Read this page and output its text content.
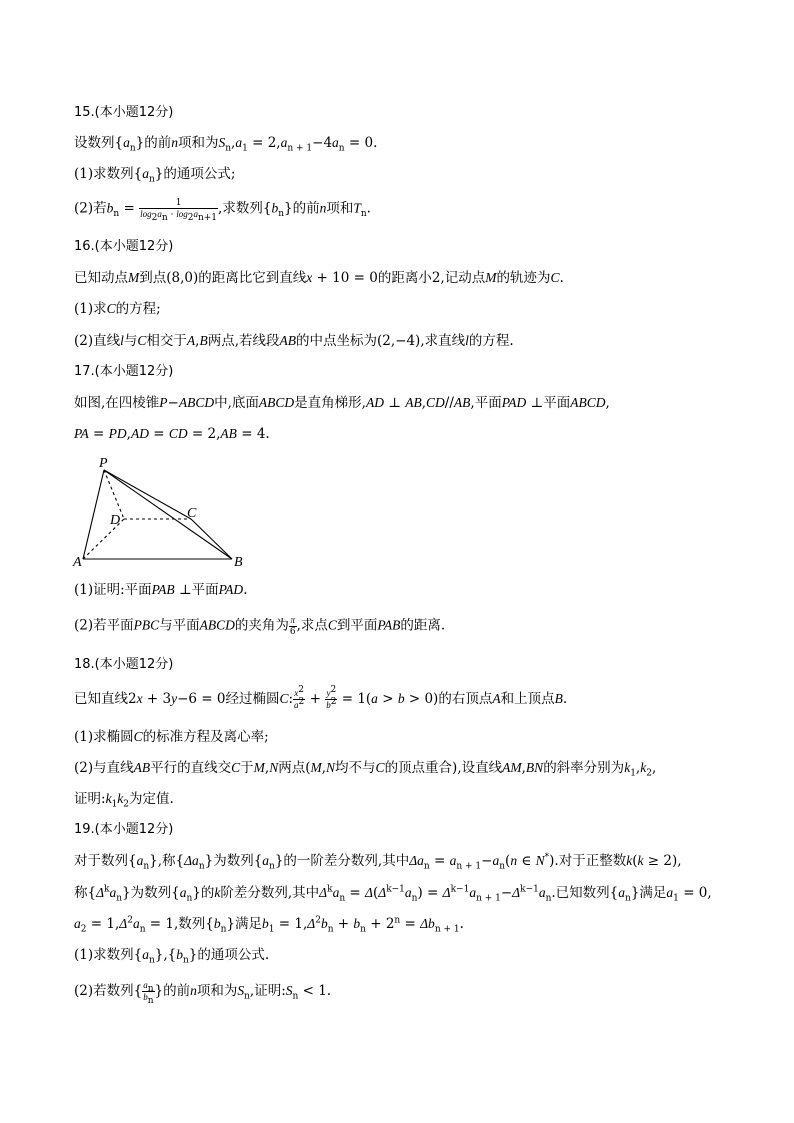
15.(本小题12分)
设数列$\{a_n\}$的前n项和为$S_n,a_1 = 2,a_{n + 1}-4a_n = 0$.
(1)求数列$\{a_n\}$的通项公式;
(2)若$b_n = \frac{1}{\log_2a_n \cdot \log_2a_{n+1}}$ ,求数列$\{b_n\}$的前n项和$T_n$.
16.(本小题12分)
已知动点M到点(8,0)的距离比它到直线x + 10 = 0的距离小2,记动点M的轨迹为C.
(1)求C的方程;
(2)直线l与C相交于A,B两点,若线段AB的中点坐标为(2,−4),求直线l的方程.
17.(本小题12分)
如图,在四棱锥P−ABCD中,底面ABCD是直角梯形,AD ⊥ AB,CD//AB,平面PAD ⊥平面ABCD,
PA = PD,AD = CD = 2,AB = 4.
P
D	C
A	B
(1)证明:平面PAB ⊥平面PAD.
(2)若平面PBC与平面ABCD的夹角为 $\frac{\pi}{6}$ ,求点C到平面PAB的距离.
18.(本小题12分)
已知直线2x + 3y−6 = 0经过椭圆C: $\frac{x^2}{a^2} + \frac{y^2}{b^2} = 1(a > b > 0)$的右顶点A和上顶点B.
(1)求椭圆C的标准方程及离心率;
(2)与直线AB平行的直线交C于M,N两点(M,N均不与C的顶点重合),设直线AM,BN的斜率分别为$k_1,k_2$,
证明$:k_1k_2$为定值.
19.(本小题12分)
对于数列$\{a_n\}$,称$\{\Delta a_n\}$为数列$\{a_n\}$的一阶差分数列,其中$\Delta a_n = a_{n + 1}-a_n(n$ ∈ N*).对于正整数k(k ≥ 2),
称$\{\Delta^ka_n\}$为数列$\{a_n\}$的k阶差分数列,其中$\Delta^ka_n = \Delta(\Delta^{k-1}a_n) = \Delta^{k-1}a_{n + 1}-\Delta^{k-1}a_n$.已知数列$\{a_n\}$满足$a_1 = 0$,
$a_2 = 1,\Delta^2a_n = 1$,数列$\{b_n\}$满足$b_1 = 1,\Delta^2b_n + b_n + 2^n = \Delta b_{n + 1}$.
(1)求数列$\{a_n\},\{b_n\}$的通项公式.
(2)若数列{ $\frac{a_n}{b_n}$ }的前n项和为$S_n$,证明$:S_n < 1$.
